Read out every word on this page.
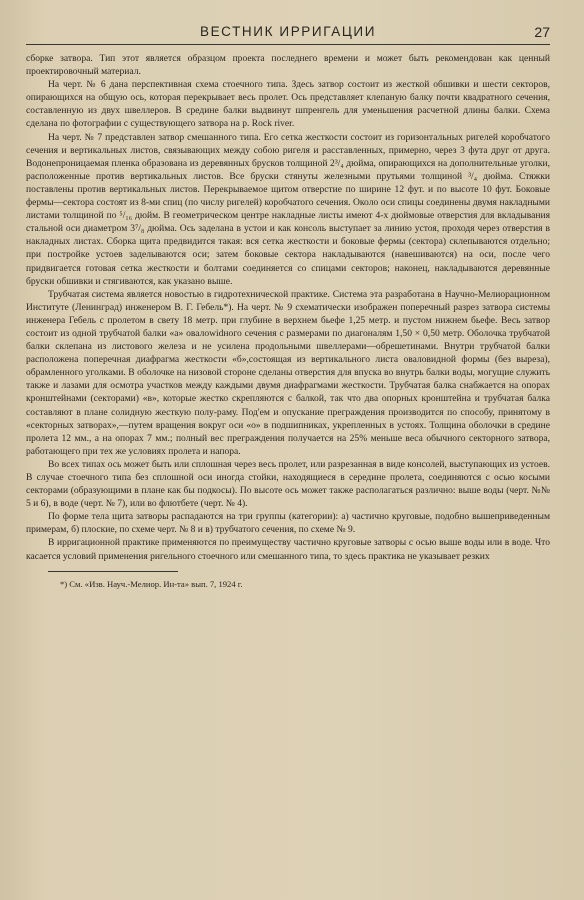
ВЕСТНИК ИРРИГАЦИИ	27

сборке затвора. Тип этот является образцом проекта последнего времени и может быть рекомендован как ценный проектировочный материал.

На черт. № 6 дана перспективная схема стоечного типа. Здесь затвор состоит из жесткой обшивки и шести секторов, опирающихся на общую ось, которая перекрывает весь пролет. Ось представляет клепаную балку почти квадратного сечения, составленную из двух швеллеров. В средине балки выдвинут шпренгель для уменьшения расчетной длины балки. Схема сделана по фотографии с существующего затвора на р. Rock river.

На черт. № 7 представлен затвор смешанного типа. Его сетка жесткости состоит из горизонтальных ригелей коробчатого сечения и вертикальных листов, связывающих между собою ригеля и расставленных, примерно, через 3 фута друг от друга. Водонепроницаемая пленка образована из деревянных брусков толщиной 2³/₄ дюйма, опирающихся на дополнительные уголки, расположенные против вертикальных листов. Все бруски стянуты железными прутьями толщиной ³/₄ дюйма. Стяжки поставлены против вертикальных листов. Перекрываемое щитом отверстие по ширине 12 фут. и по высоте 10 фут. Боковые фермы—сектора состоят из 8-ми спиц (по числу ригелей) коробчатого сечения. Около оси спицы соединены двумя накладными листами толщиной по ⁵/₁₆ дюйм. В геометрическом центре накладные листы имеют 4-х дюймовые отверстия для вкладывания стальной оси диаметром 3⁷/₈ дюйма. Ось заделана в устои и как консоль выступает за линию устоя, проходя через отверстия в накладных листах. Сборка щита предвидится такая: вся сетка жесткости и боковые фермы (сектора) склепываются отдельно; при постройке устоев заделываются оси; затем боковые сектора накладываются (навешиваются) на оси, после чего придвигается готовая сетка жесткости и болтами соединяется со спицами секторов; наконец, накладываются деревянные бруски обшивки и стягиваются, как указано выше.

Трубчатая система является новостью в гидротехнической практике. Система эта разработана в Научно-Мелиорационном Институте (Ленинград) инженером В. Г. Гебель*). На черт. № 9 схематически изображен поперечный разрез затвора системы инженера Гебель с пролетом в свету 18 метр. при глубине в верхнем бьефе 1,25 метр. и пустом нижнем бьефе. Весь затвор состоит из одной трубчатой балки «а» овалowidного сечения с размерами по диагоналям 1,50 × 0,50 метр. Оболочка трубчатой балки склепана из листового железа и не усилена продольными швеллерами—обрешетинами. Внутри трубчатой балки расположена поперечная диафрагма жесткости «б»,состоящая из вертикального листа оваловидной формы (без выреза), обрамленного уголками. В оболочке на низовой стороне сделаны отверстия для впуска во внутрь балки воды, могущие служить также и лазами для осмотра участков между каждыми двумя диафрагмами жесткости. Трубчатая балка снабжается на опорах кронштейнами (секторами) «в», которые жестко скрепляются с балкой, так что два опорных кронштейна и трубчатая балка составляют в плане солидную жесткую полу-раму. Под'ем и опускание преграждения производится по способу, принятому в «секторных затворах»,—путем вращения вокруг оси «о» в подшипниках, укрепленных в устоях. Толщина оболочки в средине пролета 12 мм., а на опорах 7 мм.; полный вес преграждения получается на 25% меньше веса обычного секторного затвора, работающего при тех же условиях пролета и напора.

Во всех типах ось может быть или сплошная через весь пролет, или разрезанная в виде консолей, выступающих из устоев. В случае стоечного типа без сплошной оси иногда стойки, находящиеся в середине пролета, соединяются с осью косыми секторами (образующими в плане как бы подкосы). По высоте ось может также располагаться различно: выше воды (черт. №№ 5 и 6), в воде (черт. № 7), или во флютбете (черт. № 4).

По форме тела щита затворы распадаются на три группы (категории): а) частично круговые, подобно вышеприведенным примерам, б) плоские, по схеме черт. № 8 и в) трубчатого сечения, по схеме № 9.

В ирригационной практике применяются по преимуществу частично круговые затворы с осью выше воды или в воде. Что касается условий применения ригельного стоечного или смешанного типа, то здесь практика не указывает резких

*) См. «Изв. Науч.-Мелиор. Ин-та» вып. 7, 1924 г.
